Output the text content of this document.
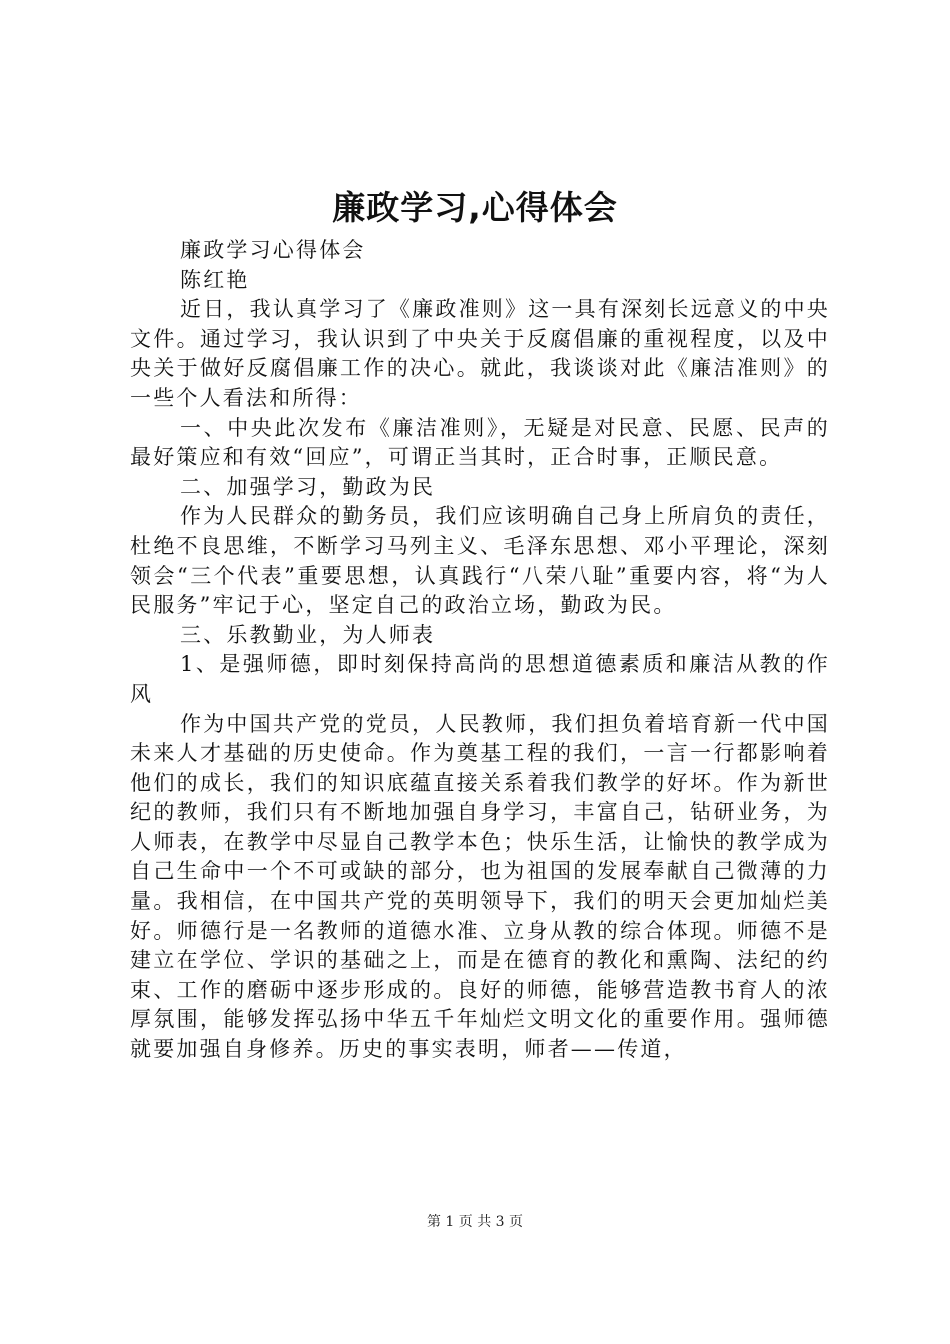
廉政学习,心得体会

廉政学习心得体会

陈红艳

近日，我认真学习了《廉政准则》这一具有深刻长远意义的中央文件。通过学习，我认识到了中央关于反腐倡廉的重视程度，以及中央关于做好反腐倡廉工作的决心。就此，我谈谈对此《廉洁准则》的一些个人看法和所得：

一、中央此次发布《廉洁准则》，无疑是对民意、民愿、民声的最好策应和有效“回应”，可谓正当其时，正合时事，正顺民意。

二、加强学习，勤政为民

作为人民群众的勤务员，我们应该明确自己身上所肩负的责任，杜绝不良思维，不断学习马列主义、毛泽东思想、邓小平理论，深刻领会“三个代表”重要思想，认真践行“八荣八耻”重要内容，将“为人民服务”牢记于心，坚定自己的政治立场，勤政为民。

三、乐教勤业，为人师表

1、是强师德，即时刻保持高尚的思想道德素质和廉洁从教的作风

作为中国共产党的党员，人民教师，我们担负着培育新一代中国未来人才基础的历史使命。作为奠基工程的我们，一言一行都影响着他们的成长，我们的知识底蕴直接关系着我们教学的好坏。作为新世纪的教师，我们只有不断地加强自身学习，丰富自己，钻研业务，为人师表，在教学中尽显自己教学本色；快乐生活，让愉快的教学成为自己生命中一个不可或缺的部分，也为祖国的发展奉献自己微薄的力量。我相信，在中国共产党的英明领导下，我们的明天会更加灿烂美好。师德行是一名教师的道德水准、立身从教的综合体现。师德不是建立在学位、学识的基础之上，而是在德育的教化和熏陶、法纪的约束、工作的磨砺中逐步形成的。良好的师德，能够营造教书育人的浓厚氛围，能够发挥弘扬中华五千年灿烂文明文化的重要作用。强师德就要加强自身修养。历史的事实表明，师者——传道，

第 1 页 共 3 页
